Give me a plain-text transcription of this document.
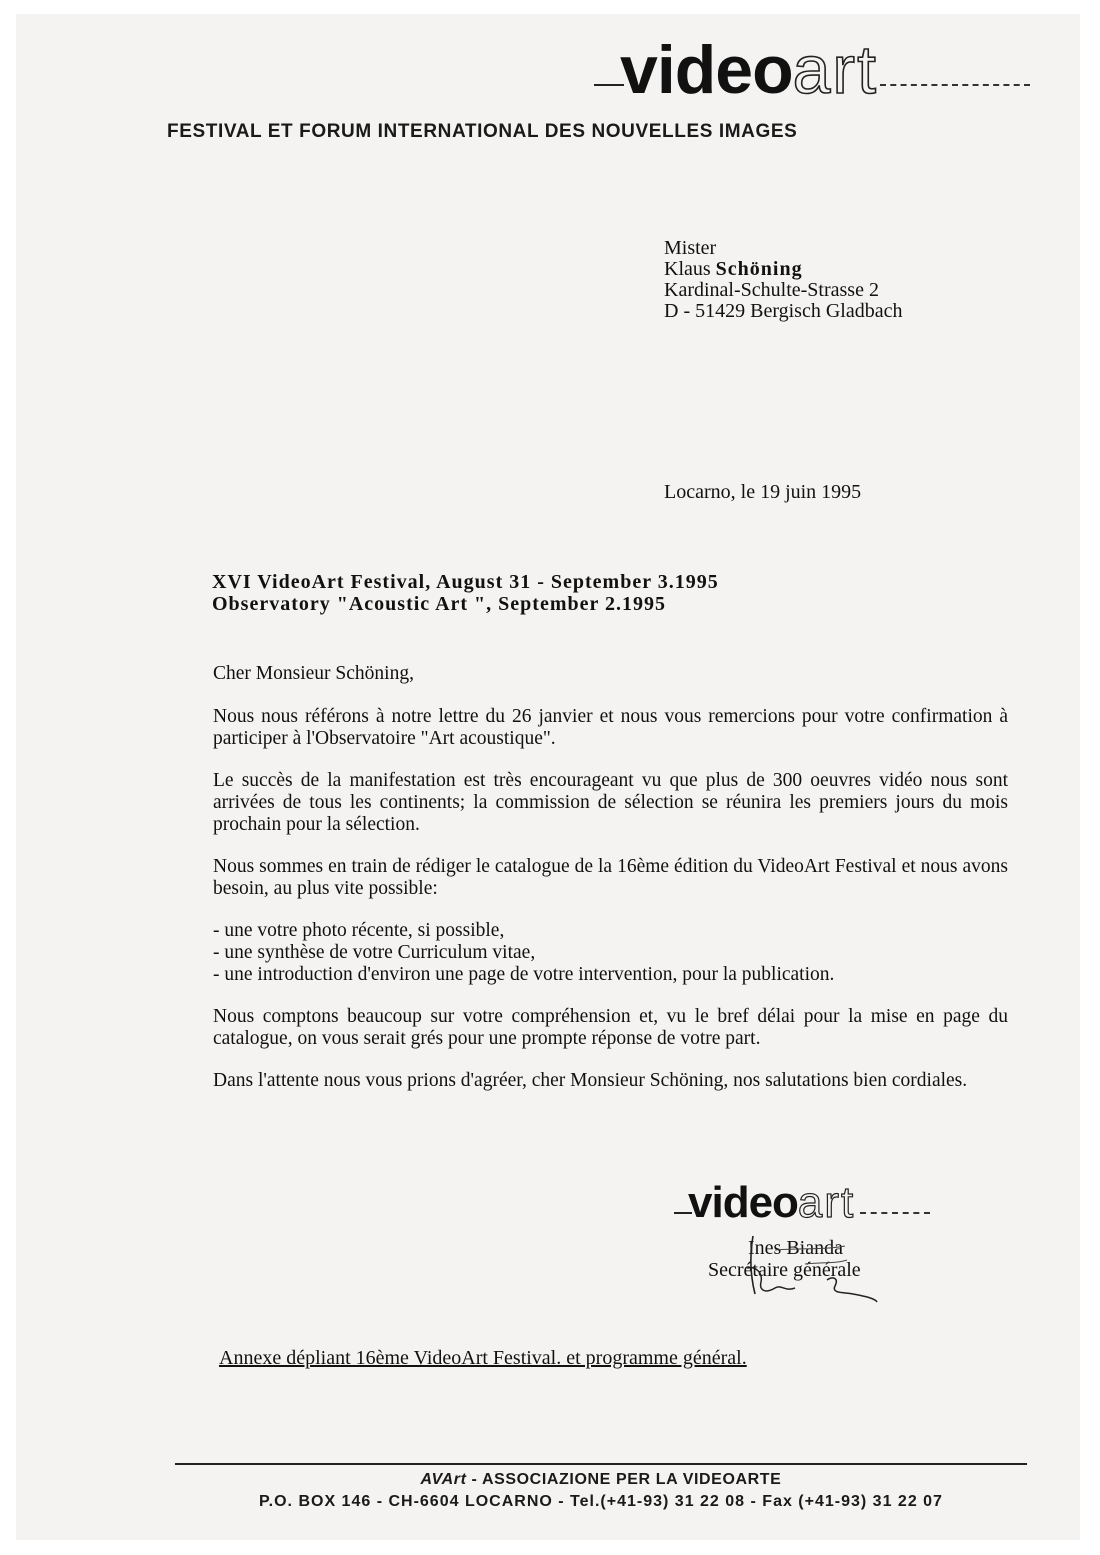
videoart
FESTIVAL ET FORUM INTERNATIONAL DES NOUVELLES IMAGES
Mister
Klaus Schöning
Kardinal-Schulte-Strasse 2
D - 51429 Bergisch Gladbach
Locarno, le 19 juin 1995
XVI VideoArt Festival, August 31 - September 3.1995
Observatory "Acoustic Art ", September 2.1995
Cher Monsieur Schöning,

Nous nous référons à notre lettre du 26 janvier et nous vous remercions pour votre confirmation à participer à l'Observatoire "Art acoustique".

Le succès de la manifestation est très encourageant vu que plus de 300 oeuvres vidéo nous sont arrivées de tous les continents; la commission de sélection se réunira les premiers jours du mois prochain pour la sélection.

Nous sommes en train de rédiger le catalogue de la 16ème édition du VideoArt Festival et nous avons besoin, au plus vite possible:

- une votre photo récente, si possible,
- une synthèse de votre Curriculum vitae,
- une introduction d'environ une page de votre intervention, pour la publication.

Nous comptons beaucoup sur votre compréhension et, vu le bref délai pour la mise en page du catalogue, on vous serait grés pour une prompte réponse de votre part.

Dans l'attente nous vous prions d'agréer, cher Monsieur Schöning, nos salutations bien cordiales.

videoart
Ines Bianda
Secrétaire générale
Annexe dépliant 16ème VideoArt Festival. et programme général.
AVArt - ASSOCIAZIONE PER LA VIDEOARTE
P.O. BOX 146 - CH-6604 LOCARNO - Tel.(+41-93) 31 22 08 - Fax (+41-93) 31 22 07
